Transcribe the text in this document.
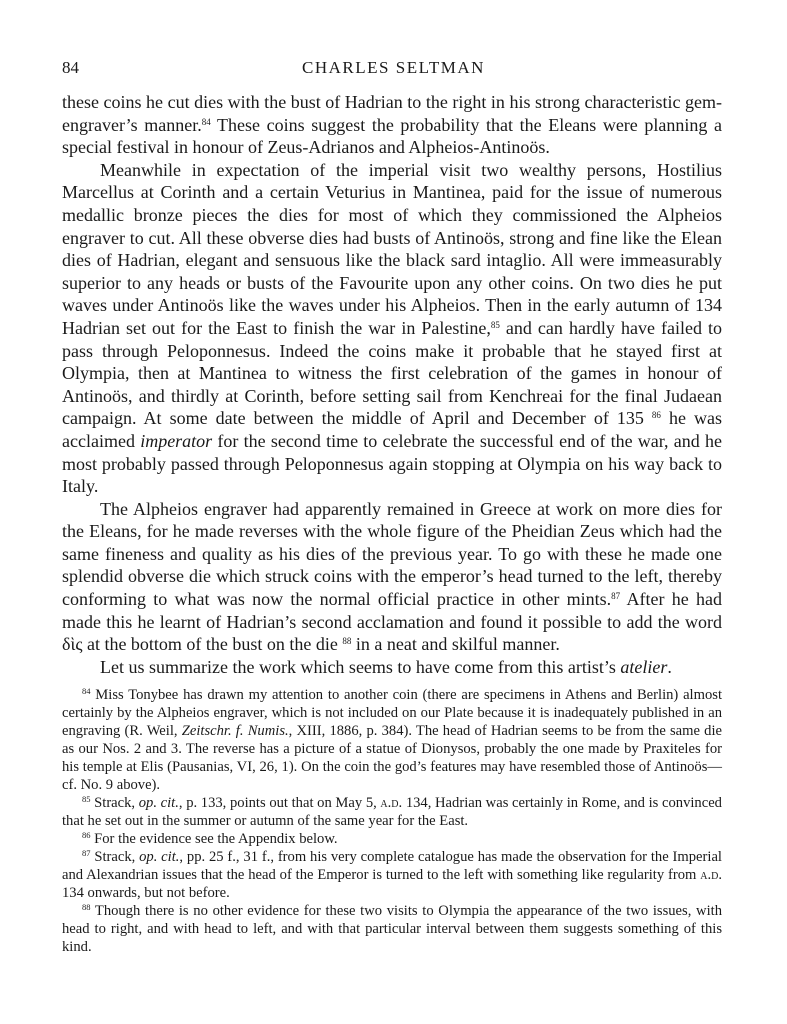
84	CHARLES SELTMAN

these coins he cut dies with the bust of Hadrian to the right in his strong characteristic gem-engraver’s manner.$^{84}$ These coins suggest the probability that the Eleans were planning a special festival in honour of Zeus-Adrianos and Alpheios-Antinoös.

Meanwhile in expectation of the imperial visit two wealthy persons, Hostilius Marcellus at Corinth and a certain Veturius in Mantinea, paid for the issue of numerous medallic bronze pieces the dies for most of which they commissioned the Alpheios engraver to cut. All these obverse dies had busts of Antinoös, strong and fine like the Elean dies of Hadrian, elegant and sensuous like the black sard intaglio. All were immeasurably superior to any heads or busts of the Favourite upon any other coins. On two dies he put waves under Antinoös like the waves under his Alpheios. Then in the early autumn of 134 Hadrian set out for the East to finish the war in Palestine,$^{85}$ and can hardly have failed to pass through Peloponnesus. Indeed the coins make it probable that he stayed first at Olympia, then at Mantinea to witness the first celebration of the games in honour of Antinoös, and thirdly at Corinth, before setting sail from Kenchreai for the final Judaean campaign. At some date between the middle of April and December of 135 $^{86}$ he was acclaimed imperator for the second time to celebrate the successful end of the war, and he most probably passed through Peloponnesus again stopping at Olympia on his way back to Italy.

The Alpheios engraver had apparently remained in Greece at work on more dies for the Eleans, for he made reverses with the whole figure of the Pheidian Zeus which had the same fineness and quality as his dies of the previous year. To go with these he made one splendid obverse die which struck coins with the emperor’s head turned to the left, thereby conforming to what was now the normal official practice in other mints.$^{87}$ After he had made this he learnt of Hadrian’s second acclamation and found it possible to add the word δὶς at the bottom of the bust on the die $^{88}$ in a neat and skilful manner.

Let us summarize the work which seems to have come from this artist’s atelier.

$^{84}$ Miss Tonybee has drawn my attention to another coin (there are specimens in Athens and Berlin) almost certainly by the Alpheios engraver, which is not included on our Plate because it is inadequately published in an engraving (R. Weil, Zeitschr. f. Numis., XIII, 1886, p. 384). The head of Hadrian seems to be from the same die as our Nos. 2 and 3. The reverse has a picture of a statue of Dionysos, probably the one made by Praxiteles for his temple at Elis (Pausanias, VI, 26, 1). On the coin the god’s features may have resembled those of Antinoös—cf. No. 9 above).

$^{85}$ Strack, op. cit., p. 133, points out that on May 5, a.d. 134, Hadrian was certainly in Rome, and is convinced that he set out in the summer or autumn of the same year for the East.

$^{86}$ For the evidence see the Appendix below.

$^{87}$ Strack, op. cit., pp. 25 f., 31 f., from his very complete catalogue has made the observation for the Imperial and Alexandrian issues that the head of the Emperor is turned to the left with something like regularity from a.d. 134 onwards, but not before.

$^{88}$ Though there is no other evidence for these two visits to Olympia the appearance of the two issues, with head to right, and with head to left, and with that particular interval between them suggests something of this kind.
